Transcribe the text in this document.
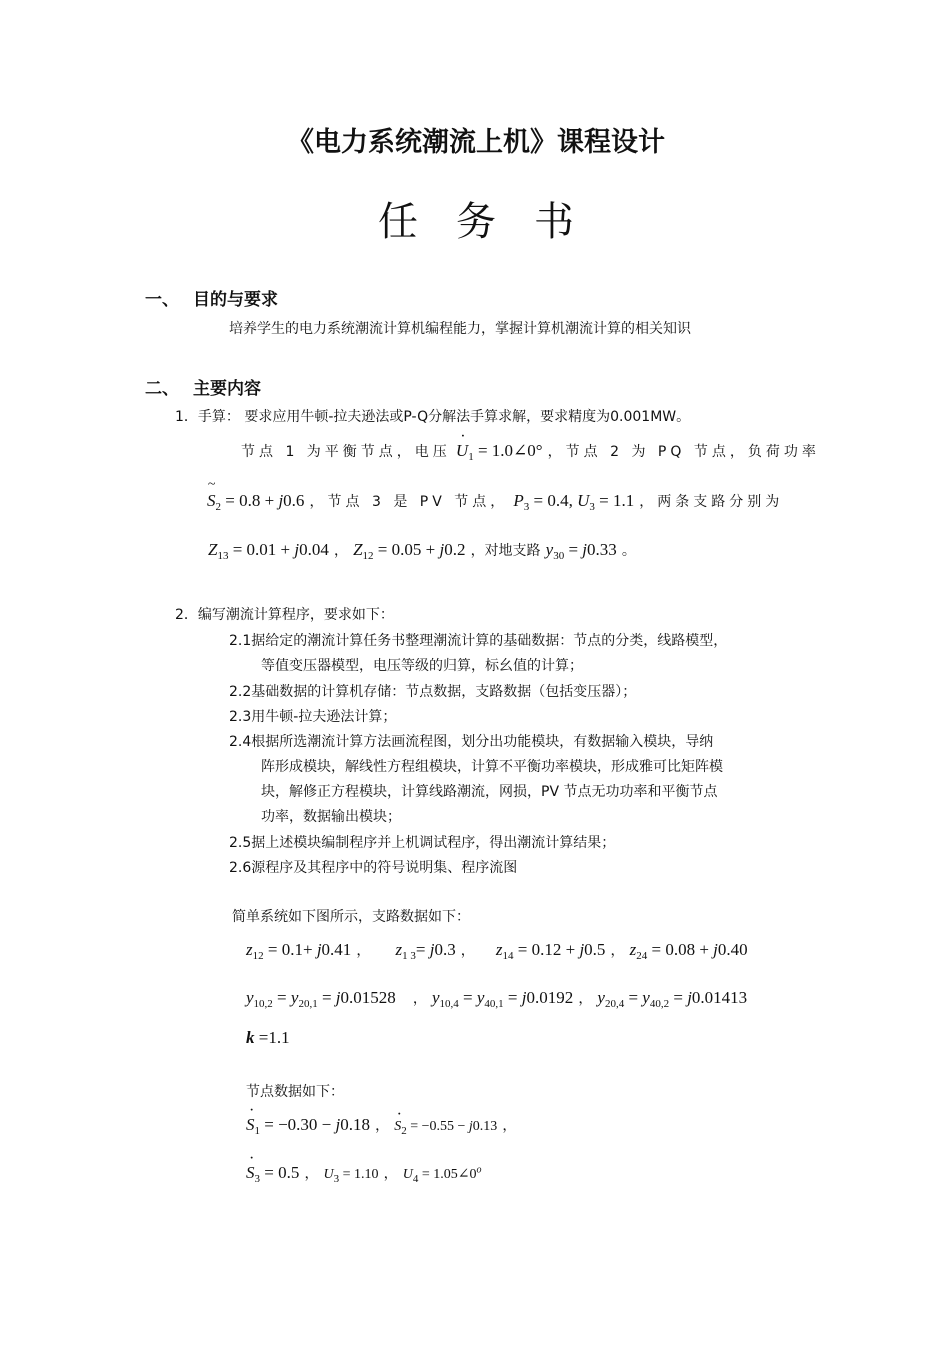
《电力系统潮流上机》课程设计
任务书
一、 目的与要求
培养学生的电力系统潮流计算机编程能力，掌握计算机潮流计算的相关知识
二、 主要内容
1．手算： 要求应用牛顿-拉夫逊法或P-Q分解法手算求解，要求精度为0.001MW。
节点 1 为平衡节点，电压 $U \cdot_1$ = 1.0∠0° ，节点 2 为 PQ 节点，负荷功率
S $\sim_2 = 0.8 + j0.6$ ，节点 3 是 PV 节点， $P_3 = 0.4$, $U_3 = 1.1$ ，两条支路分别为
$Z_{13} = 0.01 + j0.04$ ， $Z_{12} = 0.05 + j0.2$ ，对地支路 $y_{30} = j0.33$ 。
2．编写潮流计算程序，要求如下：
2.1据给定的潮流计算任务书整理潮流计算的基础数据：节点的分类，线路模型，
等值变压器模型，电压等级的归算，标幺值的计算；
2.2基础数据的计算机存储：节点数据，支路数据（包括变压器）；
2.3用牛顿-拉夫逊法计算；
2.4根据所选潮流计算方法画流程图，划分出功能模块，有数据输入模块，导纳
阵形成模块，解线性方程组模块，计算不平衡功率模块，形成雅可比矩阵模
块，解修正方程模块，计算线路潮流，网损，PV 节点无功功率和平衡节点
功率，数据输出模块；
2.5据上述模块编制程序并上机调试程序，得出潮流计算结果；
2.6源程序及其程序中的符号说明集、程序流图
简单系统如下图所示，支路数据如下：
$z_{12} = 0.1+ j0.41$ ， $z_{1 3}= j0.3$ ， $z_{14} = 0.12 + j0.5$ ， $z_{24} = 0.08 + j0.40$
$y_{10,2} = y_{20,1} = j0.01528$ ， $y_{10,4} = y_{40,1} = j0.0192$ ， $y_{20,4} = y_{40,2} = j0.01413$
k =1.1
节点数据如下：
$S \cdot_1 = -0.30 - j0.18$ ， $S \cdot_2 = -0.55 - j0.13$ ，
$S \cdot_3 = 0.5$ ， $U_3 = 1.10$ ， $U_4$ = $1.05\angle 0^o$
